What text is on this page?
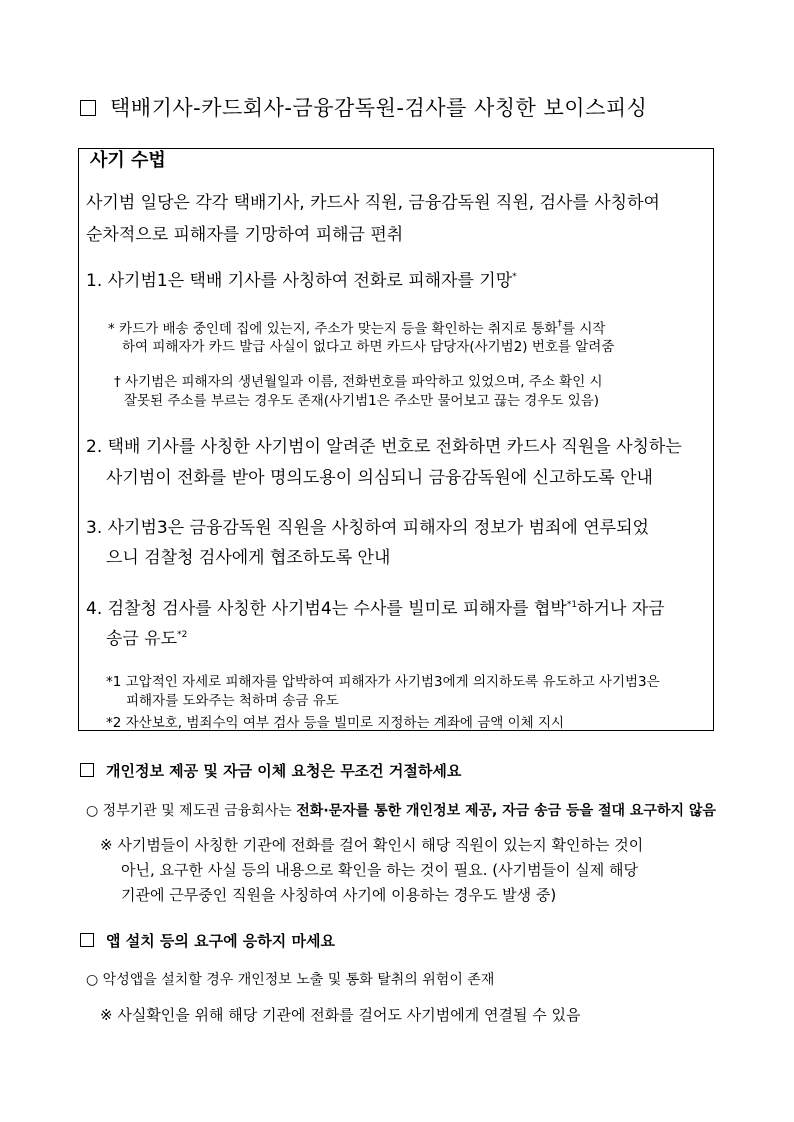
택배기사-카드회사-금융감독원-검사를 사칭한 보이스피싱
사기 수법
사기범 일당은 각각 택배기사, 카드사 직원, 금융감독원 직원, 검사를 사칭하여
순차적으로 피해자를 기망하여 피해금 편취
1. 사기범1은 택배 기사를 사칭하여 전화로 피해자를 기망*
* 카드가 배송 중인데 집에 있는지, 주소가 맞는지 등을 확인하는 취지로 통화†를 시작
하여 피해자가 카드 발급 사실이 없다고 하면 카드사 담당자(사기범2) 번호를 알려줌
† 사기범은 피해자의 생년월일과 이름, 전화번호를 파악하고 있었으며, 주소 확인 시
잘못된 주소를 부르는 경우도 존재(사기범1은 주소만 물어보고 끊는 경우도 있음)
2. 택배 기사를 사칭한 사기범이 알려준 번호로 전화하면 카드사 직원을 사칭하는
사기범이 전화를 받아 명의도용이 의심되니 금융감독원에 신고하도록 안내
3. 사기범3은 금융감독원 직원을 사칭하여 피해자의 정보가 범죄에 연루되었
으니 검찰청 검사에게 협조하도록 안내
4. 검찰청 검사를 사칭한 사기범4는 수사를 빌미로 피해자를 협박$^{*1}$하거나 자금
송금 유도$^{*2}$
*1 고압적인 자세로 피해자를 압박하여 피해자가 사기범3에게 의지하도록 유도하고 사기범3은
피해자를 도와주는 척하며 송금 유도
*2 자산보호, 범죄수익 여부 검사 등을 빌미로 지정하는 계좌에 금액 이체 지시
개인정보 제공 및 자금 이체 요청은 무조건 거절하세요
○ 정부기관 및 제도권 금융회사는 전화·문자를 통한 개인정보 제공, 자금 송금 등을 절대 요구하지 않음
※ 사기범들이 사칭한 기관에 전화를 걸어 확인시 해당 직원이 있는지 확인하는 것이
아닌, 요구한 사실 등의 내용으로 확인을 하는 것이 필요. (사기범들이 실제 해당
기관에 근무중인 직원을 사칭하여 사기에 이용하는 경우도 발생 중)
앱 설치 등의 요구에 응하지 마세요
○ 악성앱을 설치할 경우 개인정보 노출 및 통화 탈취의 위험이 존재
※ 사실확인을 위해 해당 기관에 전화를 걸어도 사기범에게 연결될 수 있음
